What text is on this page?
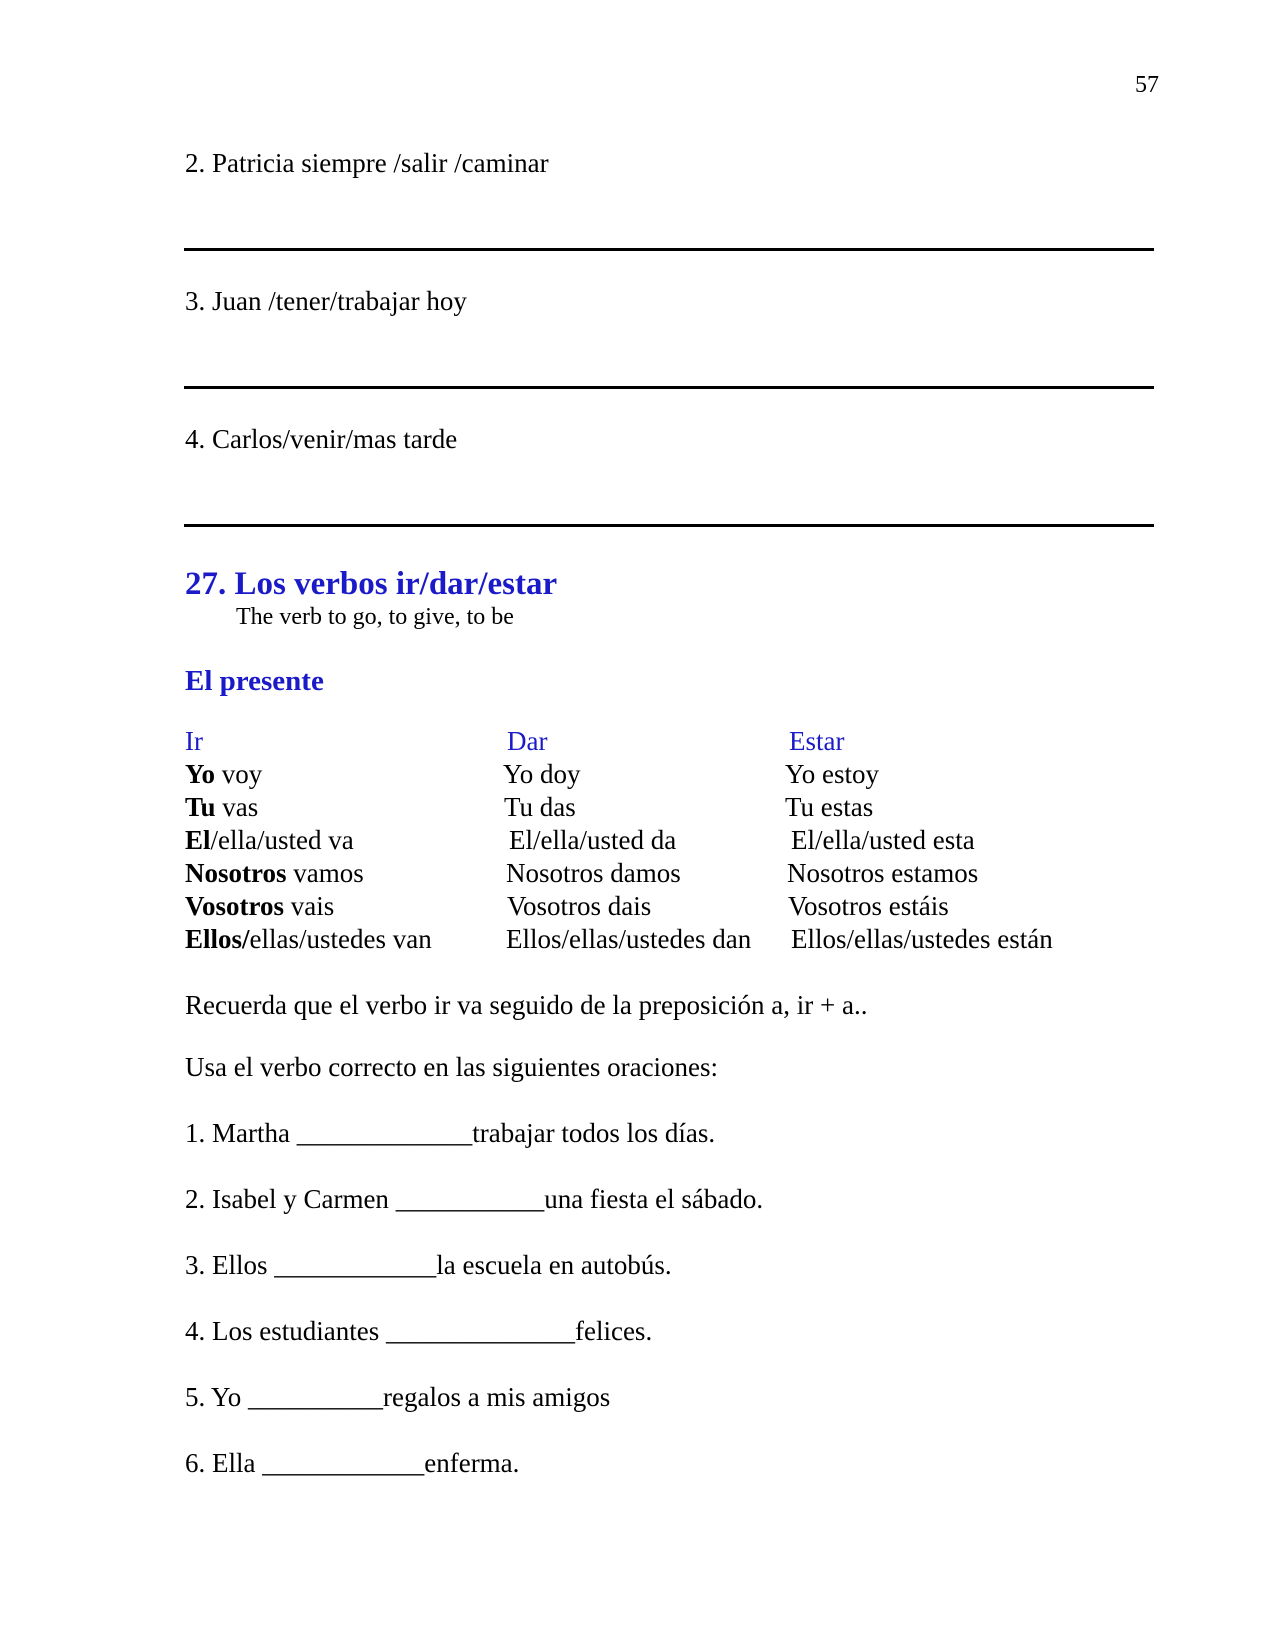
57

2. Patricia siempre /salir /caminar

3. Juan /tener/trabajar hoy

4. Carlos/venir/mas tarde

27. Los verbos ir/dar/estar

The verb to go, to give, to be

El presente
Ir	Dar	Estar
Yo voy
Tu vas
El/ella/usted va
Nosotros vamos
Vosotros vais
Ellos/ellas/ustedes van
Yo doy
Tu das
El/ella/usted da
Nosotros damos
Vosotros dais
Ellos/ellas/ustedes dan
Yo estoy
Tu estas
El/ella/usted esta
Nosotros estamos
Vosotros estáis
Ellos/ellas/ustedes están

Recuerda que el verbo ir va seguido de la preposición a, ir + a..

Usa el verbo correcto en las siguientes oraciones:

1. Martha _____________trabajar todos los días.

2. Isabel y Carmen ___________una fiesta el sábado.

3. Ellos ____________la escuela en autobús.

4. Los estudiantes ______________felices.

5. Yo __________regalos a mis amigos

6. Ella ____________enferma.
